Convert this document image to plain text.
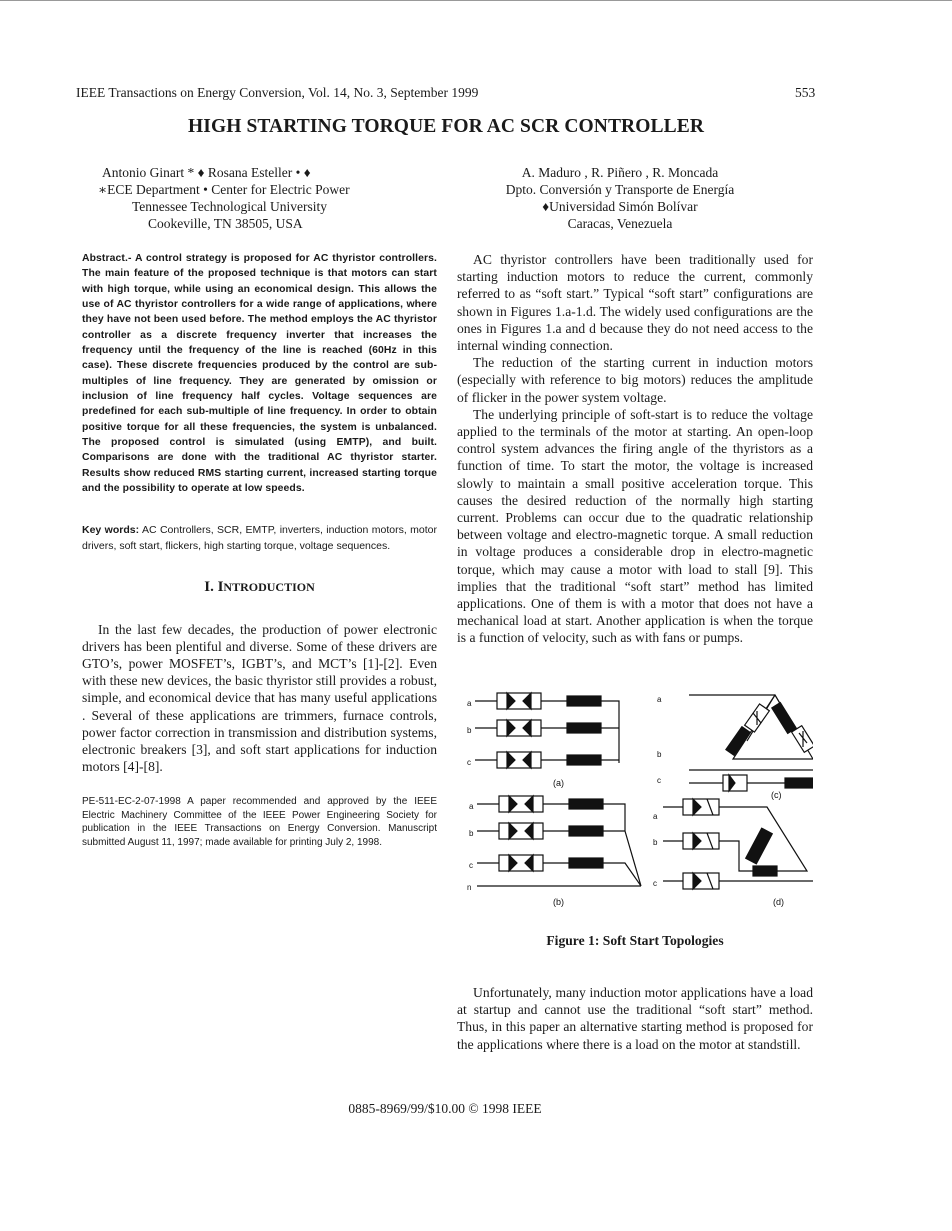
IEEE Transactions on Energy Conversion, Vol. 14, No. 3, September 1999	553
HIGH STARTING TORQUE FOR AC SCR CONTROLLER
Antonio Ginart * ♦ Rosana Esteller • ♦
∗ECE Department • Center for Electric Power
Tennessee Technological University
Cookeville, TN 38505, USA
A. Maduro , R. Piñero , R. Moncada
Dpto. Conversión y Transporte de Energía
♦Universidad Simón Bolívar
Caracas, Venezuela

Abstract.- A control strategy is proposed for AC thyristor controllers. The main feature of the proposed technique is that motors can start with high torque, while using an economical design. This allows the use of AC thyristor controllers for a wide range of applications, where they have not been used before. The method employs the AC thyristor controller as a discrete frequency inverter that increases the frequency until the frequency of the line is reached (60Hz in this case). These discrete frequencies produced by the control are sub-multiples of line frequency. They are generated by omission or inclusion of line frequency half cycles. Voltage sequences are predefined for each sub-multiple of line frequency. In order to obtain positive torque for all these frequencies, the system is unbalanced. The proposed control is simulated (using EMTP), and built. Comparisons are done with the traditional AC thyristor starter. Results show reduced RMS starting current, increased starting torque and the possibility to operate at low speeds.

Key words: AC Controllers, SCR, EMTP, inverters, induction motors, motor drivers, soft start, flickers, high starting torque, voltage sequences.

I. INTRODUCTION

In the last few decades, the production of power electronic drivers has been plentiful and diverse. Some of these drivers are GTO’s, power MOSFET’s, IGBT’s, and MCT’s [1]-[2]. Even with these new devices, the basic thyristor still provides a robust, simple, and economical device that has many useful applications . Several of these applications are trimmers, furnace controls, power factor correction in transmission and distribution systems, electronic breakers [3], and soft start applications for induction motors [4]-[8].

PE-511-EC-2-07-1998 A paper recommended and approved by the IEEE Electric Machinery Committee of the IEEE Power Engineering Society for publication in the IEEE Transactions on Energy Conversion. Manuscript submitted August 11, 1997; made available for printing July 2, 1998.

AC thyristor controllers have been traditionally used for starting induction motors to reduce the current, commonly referred to as “soft start.” Typical “soft start” configurations are shown in Figures 1.a-1.d. The widely used configurations are the ones in Figures 1.a and d because they do not need access to the internal winding connection.

The reduction of the starting current in induction motors (especially with reference to big motors) reduces the amplitude of flicker in the power system voltage.

The underlying principle of soft-start is to reduce the voltage applied to the terminals of the motor at starting. An open-loop control system advances the firing angle of the thyristors as a function of time. To start the motor, the voltage is increased slowly to maintain a small positive acceleration torque. This causes the desired reduction of the normally high starting current. Problems can occur due to the quadratic relationship between voltage and electro-magnetic torque. A small reduction in voltage produces a considerable drop in electro-magnetic torque, which may cause a motor with load to stall [9]. This implies that the traditional “soft start” method has limited applications. One of them is with a motor that does not have a mechanical load at start. Another application is when the torque is a function of velocity, such as with fans or pumps.

a
b
c
(a)
a
b
c
n
(b)
a
b
c
(c)
a
b
c
(d)
Figure 1: Soft Start Topologies

Unfortunately, many induction motor applications have a load at startup and cannot use the traditional “soft start” method. Thus, in this paper an alternative starting method is proposed for the applications where there is a load on the motor at standstill.

0885-8969/99/$10.00 © 1998 IEEE
